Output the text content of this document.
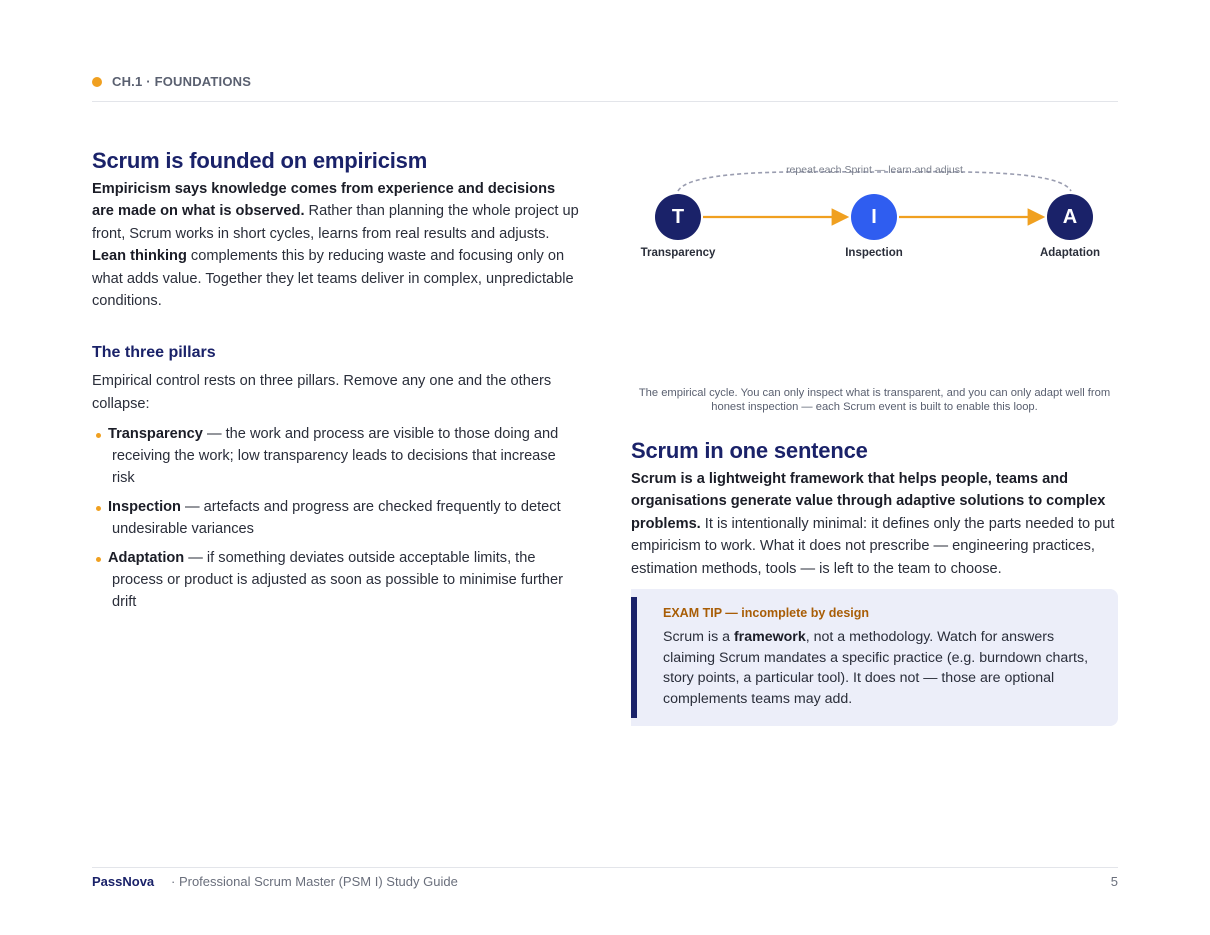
CH.1 · FOUNDATIONS
Scrum is founded on empiricism

Empiricism says knowledge comes from experience and decisions are made on what is observed. Rather than planning the whole project up front, Scrum works in short cycles, learns from real results and adjusts. Lean thinking complements this by reducing waste and focusing only on what adds value. Together they let teams deliver in complex, unpredictable conditions.

The three pillars

Empirical control rests on three pillars. Remove any one and the others collapse:

Transparency — the work and process are visible to those doing and receiving the work; low transparency leads to decisions that increase risk
Inspection — artefacts and progress are checked frequently to detect undesirable variances
Adaptation — if something deviates outside acceptable limits, the process or product is adjusted as soon as possible to minimise further drift
repeat each Sprint — learn and adjust
T	I	A
Transparency	Inspection	Adaptation
The empirical cycle. You can only inspect what is transparent, and you can only adapt well from honest inspection — each Scrum event is built to enable this loop.
Scrum in one sentence

Scrum is a lightweight framework that helps people, teams and organisations generate value through adaptive solutions to complex problems. It is intentionally minimal: it defines only the parts needed to put empiricism to work. What it does not prescribe — engineering practices, estimation methods, tools — is left to the team to choose.

EXAM TIP — incomplete by design
Scrum is a framework, not a methodology. Watch for answers claiming Scrum mandates a specific practice (e.g. burndown charts, story points, a particular tool). It does not — those are optional complements teams may add.
PassNova · Professional Scrum Master (PSM I) Study Guide	5
